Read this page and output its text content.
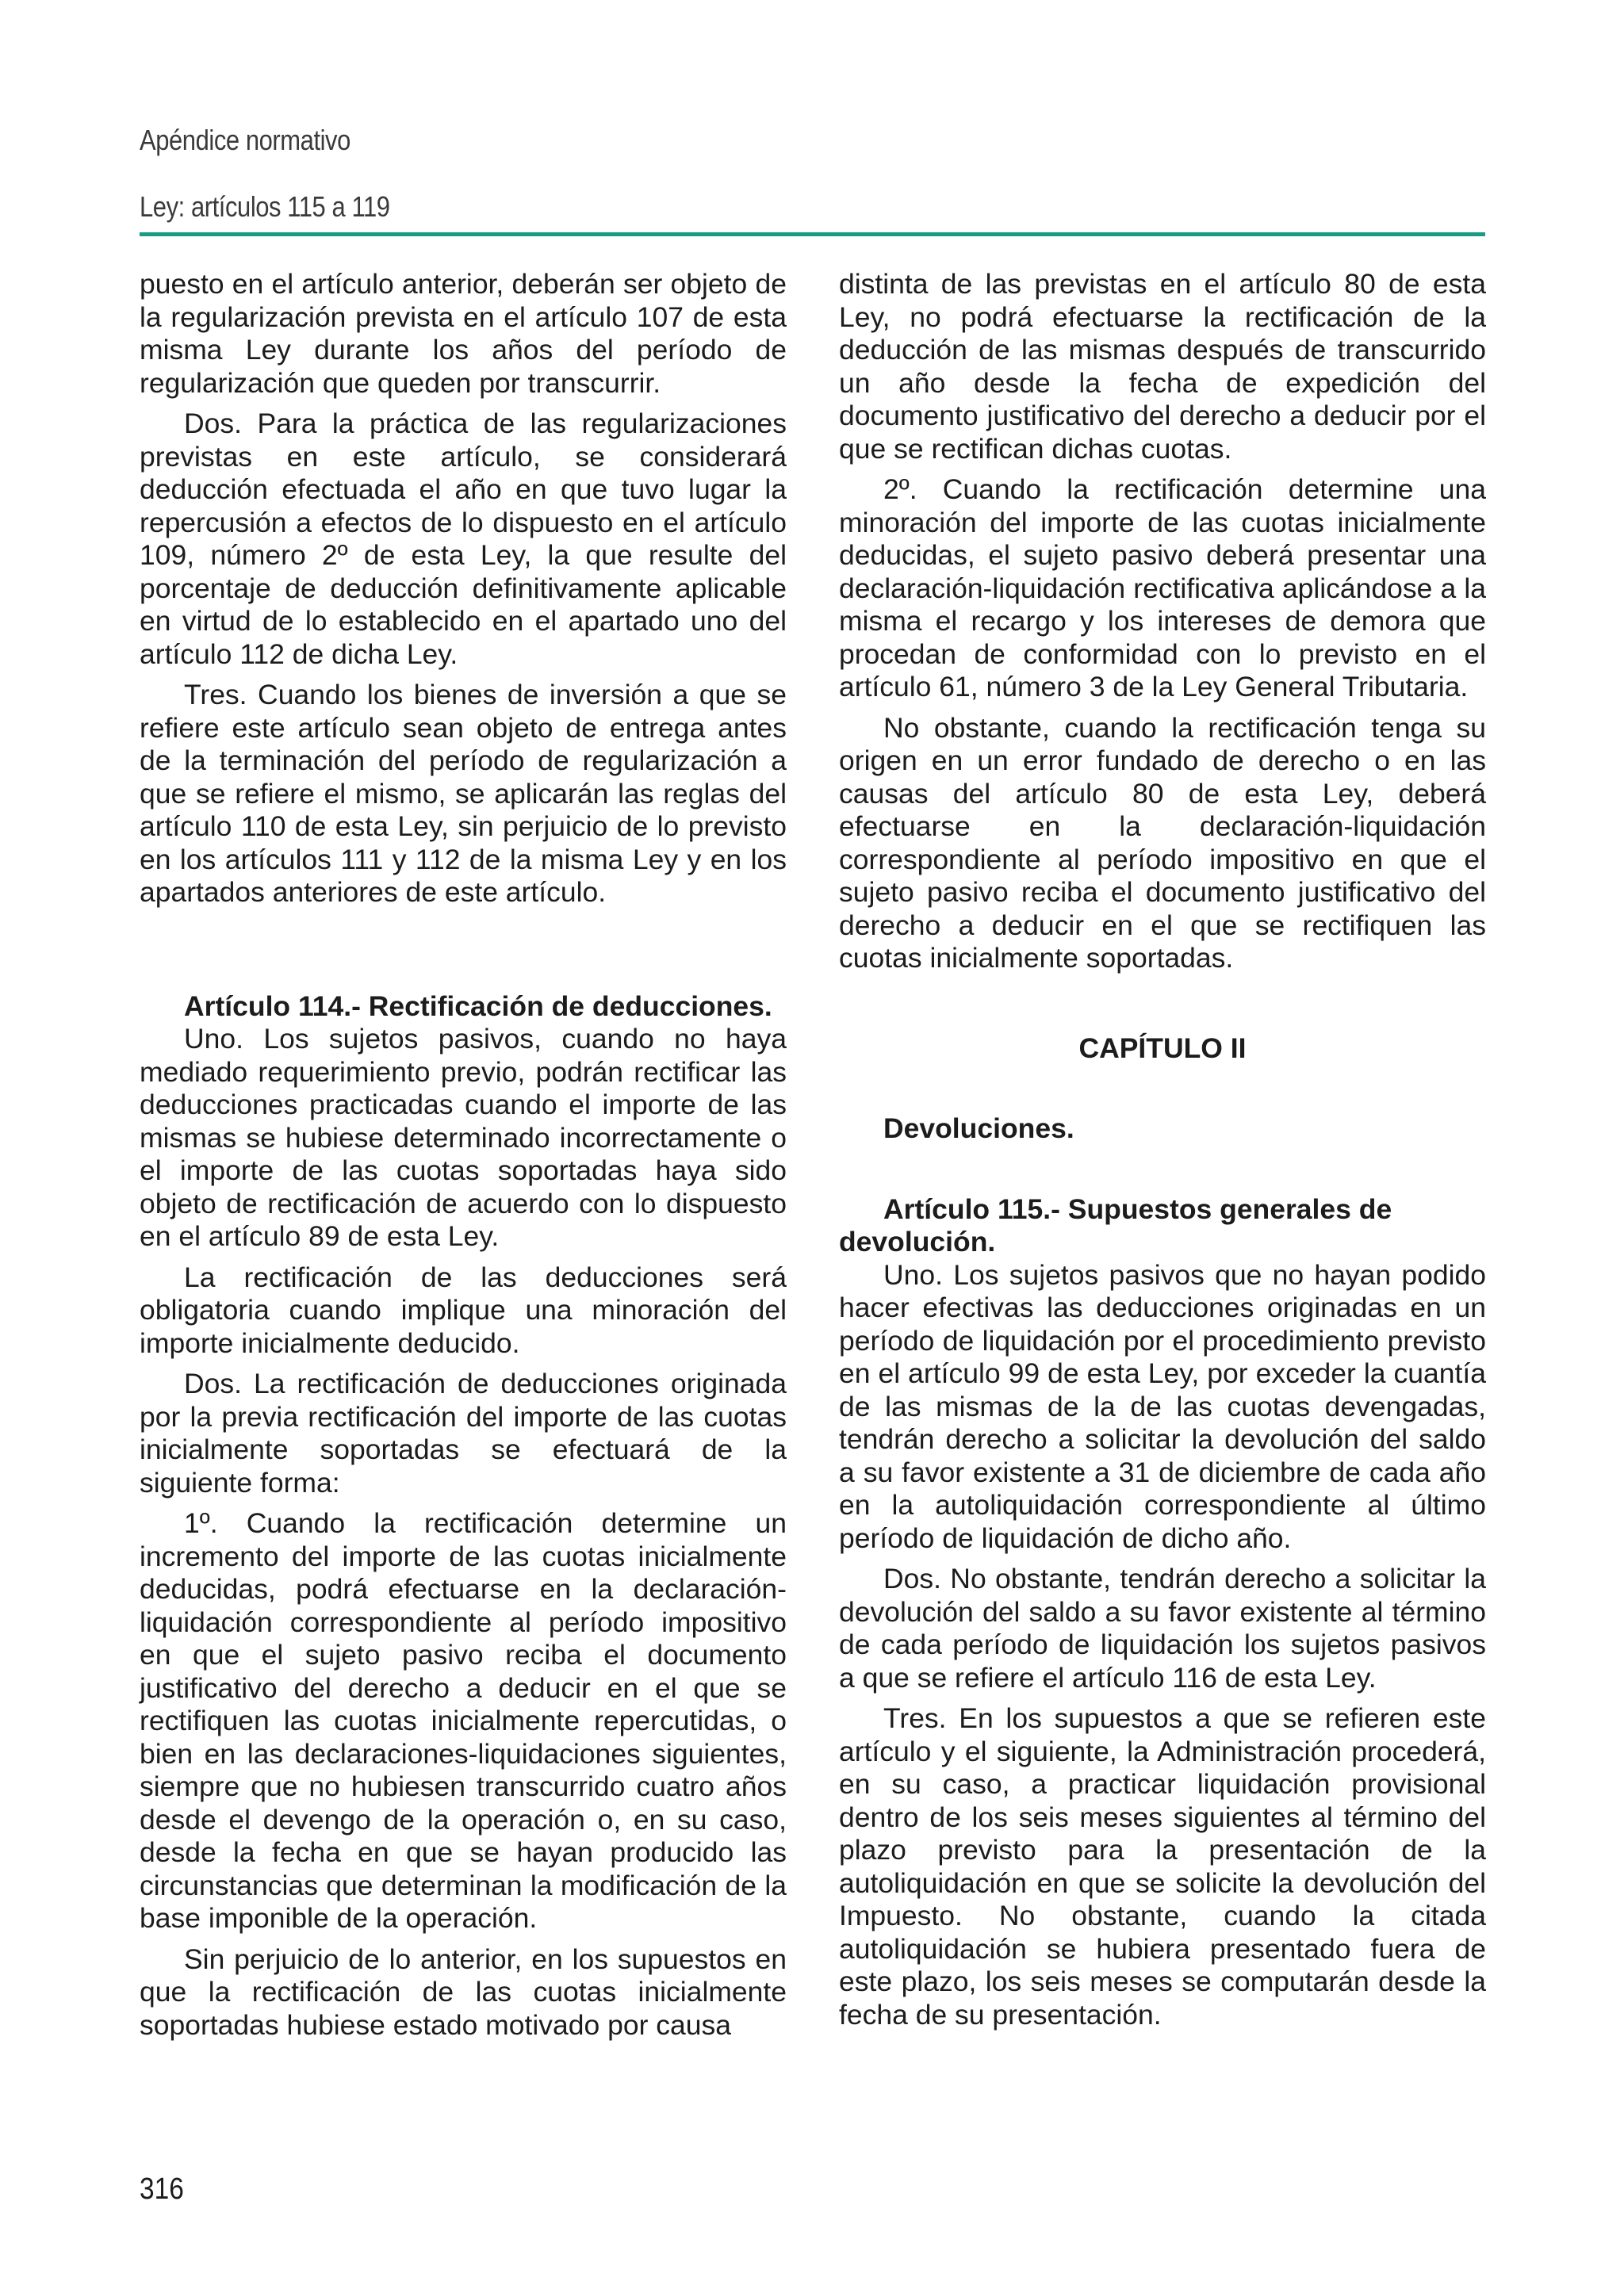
Apéndice normativo
Ley: artículos 115 a 119

puesto en el artículo anterior, deberán ser objeto de la regularización prevista en el artículo 107 de esta misma Ley durante los años del período de regularización que queden por transcurrir.

Dos. Para la práctica de las regularizaciones previstas en este artículo, se considerará deducción efectuada el año en que tuvo lugar la repercusión a efectos de lo dispuesto en el artículo 109, número 2º de esta Ley, la que resulte del porcentaje de deducción definitivamente aplicable en virtud de lo establecido en el apartado uno del artículo 112 de dicha Ley.

Tres. Cuando los bienes de inversión a que se refiere este artículo sean objeto de entrega antes de la terminación del período de regularización a que se refiere el mismo, se aplicarán las reglas del artículo 110 de esta Ley, sin perjuicio de lo previsto en los artículos 111 y 112 de la misma Ley y en los apartados anteriores de este artículo.

Artículo 114.- Rectificación de deducciones.

Uno. Los sujetos pasivos, cuando no haya mediado requerimiento previo, podrán rectificar las deducciones practicadas cuando el importe de las mismas se hubiese determinado incorrectamente o el importe de las cuotas soportadas haya sido objeto de rectificación de acuerdo con lo dispuesto en el artículo 89 de esta Ley.

La rectificación de las deducciones será obligatoria cuando implique una minoración del importe inicialmente deducido.

Dos. La rectificación de deducciones originada por la previa rectificación del importe de las cuotas inicialmente soportadas se efectuará de la siguiente forma:

1º. Cuando la rectificación determine un incremento del importe de las cuotas inicialmente deducidas, podrá efectuarse en la declaración-liquidación correspondiente al período impositivo en que el sujeto pasivo reciba el documento justificativo del derecho a deducir en el que se rectifiquen las cuotas inicialmente repercutidas, o bien en las declaraciones-liquidaciones siguientes, siempre que no hubiesen transcurrido cuatro años desde el devengo de la operación o, en su caso, desde la fecha en que se hayan producido las circunstancias que determinan la modificación de la base imponible de la operación.

Sin perjuicio de lo anterior, en los supuestos en que la rectificación de las cuotas inicialmente soportadas hubiese estado motivado por causa

distinta de las previstas en el artículo 80 de esta Ley, no podrá efectuarse la rectificación de la deducción de las mismas después de transcurrido un año desde la fecha de expedición del documento justificativo del derecho a deducir por el que se rectifican dichas cuotas.

2º. Cuando la rectificación determine una minoración del importe de las cuotas inicialmente deducidas, el sujeto pasivo deberá presentar una declaración-liquidación rectificativa aplicándose a la misma el recargo y los intereses de demora que procedan de conformidad con lo previsto en el artículo 61, número 3 de la Ley General Tributaria.

No obstante, cuando la rectificación tenga su origen en un error fundado de derecho o en las causas del artículo 80 de esta Ley, deberá efectuarse en la declaración-liquidación correspondiente al período impositivo en que el sujeto pasivo reciba el documento justificativo del derecho a deducir en el que se rectifiquen las cuotas inicialmente soportadas.

CAPÍTULO II
Devoluciones.
Artículo 115.- Supuestos generales de devolución.

Uno. Los sujetos pasivos que no hayan podido hacer efectivas las deducciones originadas en un período de liquidación por el procedimiento previsto en el artículo 99 de esta Ley, por exceder la cuantía de las mismas de la de las cuotas devengadas, tendrán derecho a solicitar la devolución del saldo a su favor existente a 31 de diciembre de cada año en la autoliquidación correspondiente al último período de liquidación de dicho año.

Dos. No obstante, tendrán derecho a solicitar la devolución del saldo a su favor existente al término de cada período de liquidación los sujetos pasivos a que se refiere el artículo 116 de esta Ley.

Tres. En los supuestos a que se refieren este artículo y el siguiente, la Administración procederá, en su caso, a practicar liquidación provisional dentro de los seis meses siguientes al término del plazo previsto para la presentación de la autoliquidación en que se solicite la devolución del Impuesto. No obstante, cuando la citada autoliquidación se hubiera presentado fuera de este plazo, los seis meses se computarán desde la fecha de su presentación.

316
